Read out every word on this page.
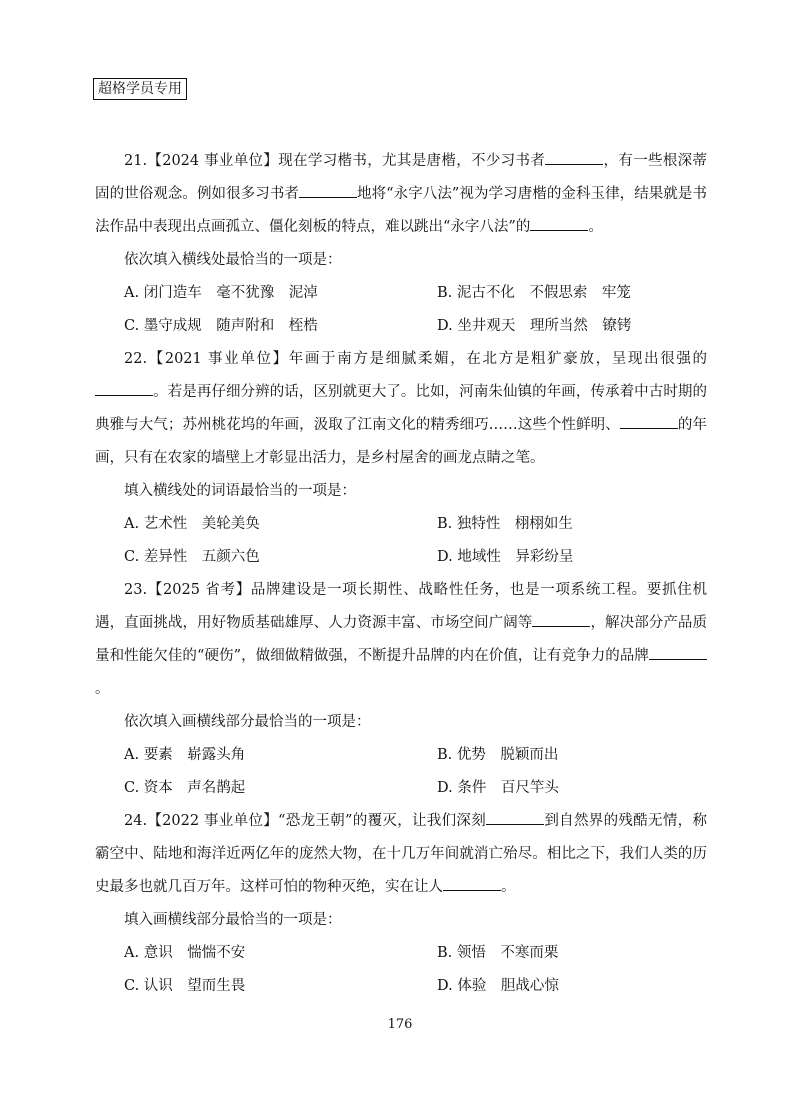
超格学员专用

21.【2024 事业单位】现在学习楷书，尤其是唐楷，不少习书者	，有一些根深蒂固的世俗观念。例如很多习书者	地将“永字八法”视为学习唐楷的金科玉律，结果就是书法作品中表现出点画孤立、僵化刻板的特点，难以跳出“永字八法”的	。

依次填入横线处最恰当的一项是：

A. 闭门造车　毫不犹豫　泥淖	B. 泥古不化　不假思索　牢笼
C. 墨守成规　随声附和　桎梏	D. 坐井观天　理所当然　镣铐

22.【2021 事业单位】年画于南方是细腻柔媚，在北方是粗犷豪放，呈现出很强的。若是再仔细分辨的话，区别就更大了。比如，河南朱仙镇的年画，传承着中古时期的典雅与大气；苏州桃花坞的年画，汲取了江南文化的精秀细巧……这些个性鲜明、	的年画，只有在农家的墙壁上才彰显出活力，是乡村屋舍的画龙点睛之笔。

填入横线处的词语最恰当的一项是：

A. 艺术性　美轮美奂	B. 独特性　栩栩如生
C. 差异性　五颜六色	D. 地域性　异彩纷呈

23.【2025 省考】品牌建设是一项长期性、战略性任务，也是一项系统工程。要抓住机遇，直面挑战，用好物质基础雄厚、人力资源丰富、市场空间广阔等	，解决部分产品质量和性能欠佳的“硬伤”，做细做精做强，不断提升品牌的内在价值，让有竞争力的品牌。

依次填入画横线部分最恰当的一项是：

A. 要素　崭露头角	B. 优势　脱颖而出
C. 资本　声名鹊起	D. 条件　百尺竿头

24.【2022 事业单位】“恐龙王朝”的覆灭，让我们深刻	到自然界的残酷无情，称霸空中、陆地和海洋近两亿年的庞然大物，在十几万年间就消亡殆尽。相比之下，我们人类的历史最多也就几百万年。这样可怕的物种灭绝，实在让人	。

填入画横线部分最恰当的一项是：

A. 意识　惴惴不安	B. 领悟　不寒而栗
C. 认识　望而生畏	D. 体验　胆战心惊
176
